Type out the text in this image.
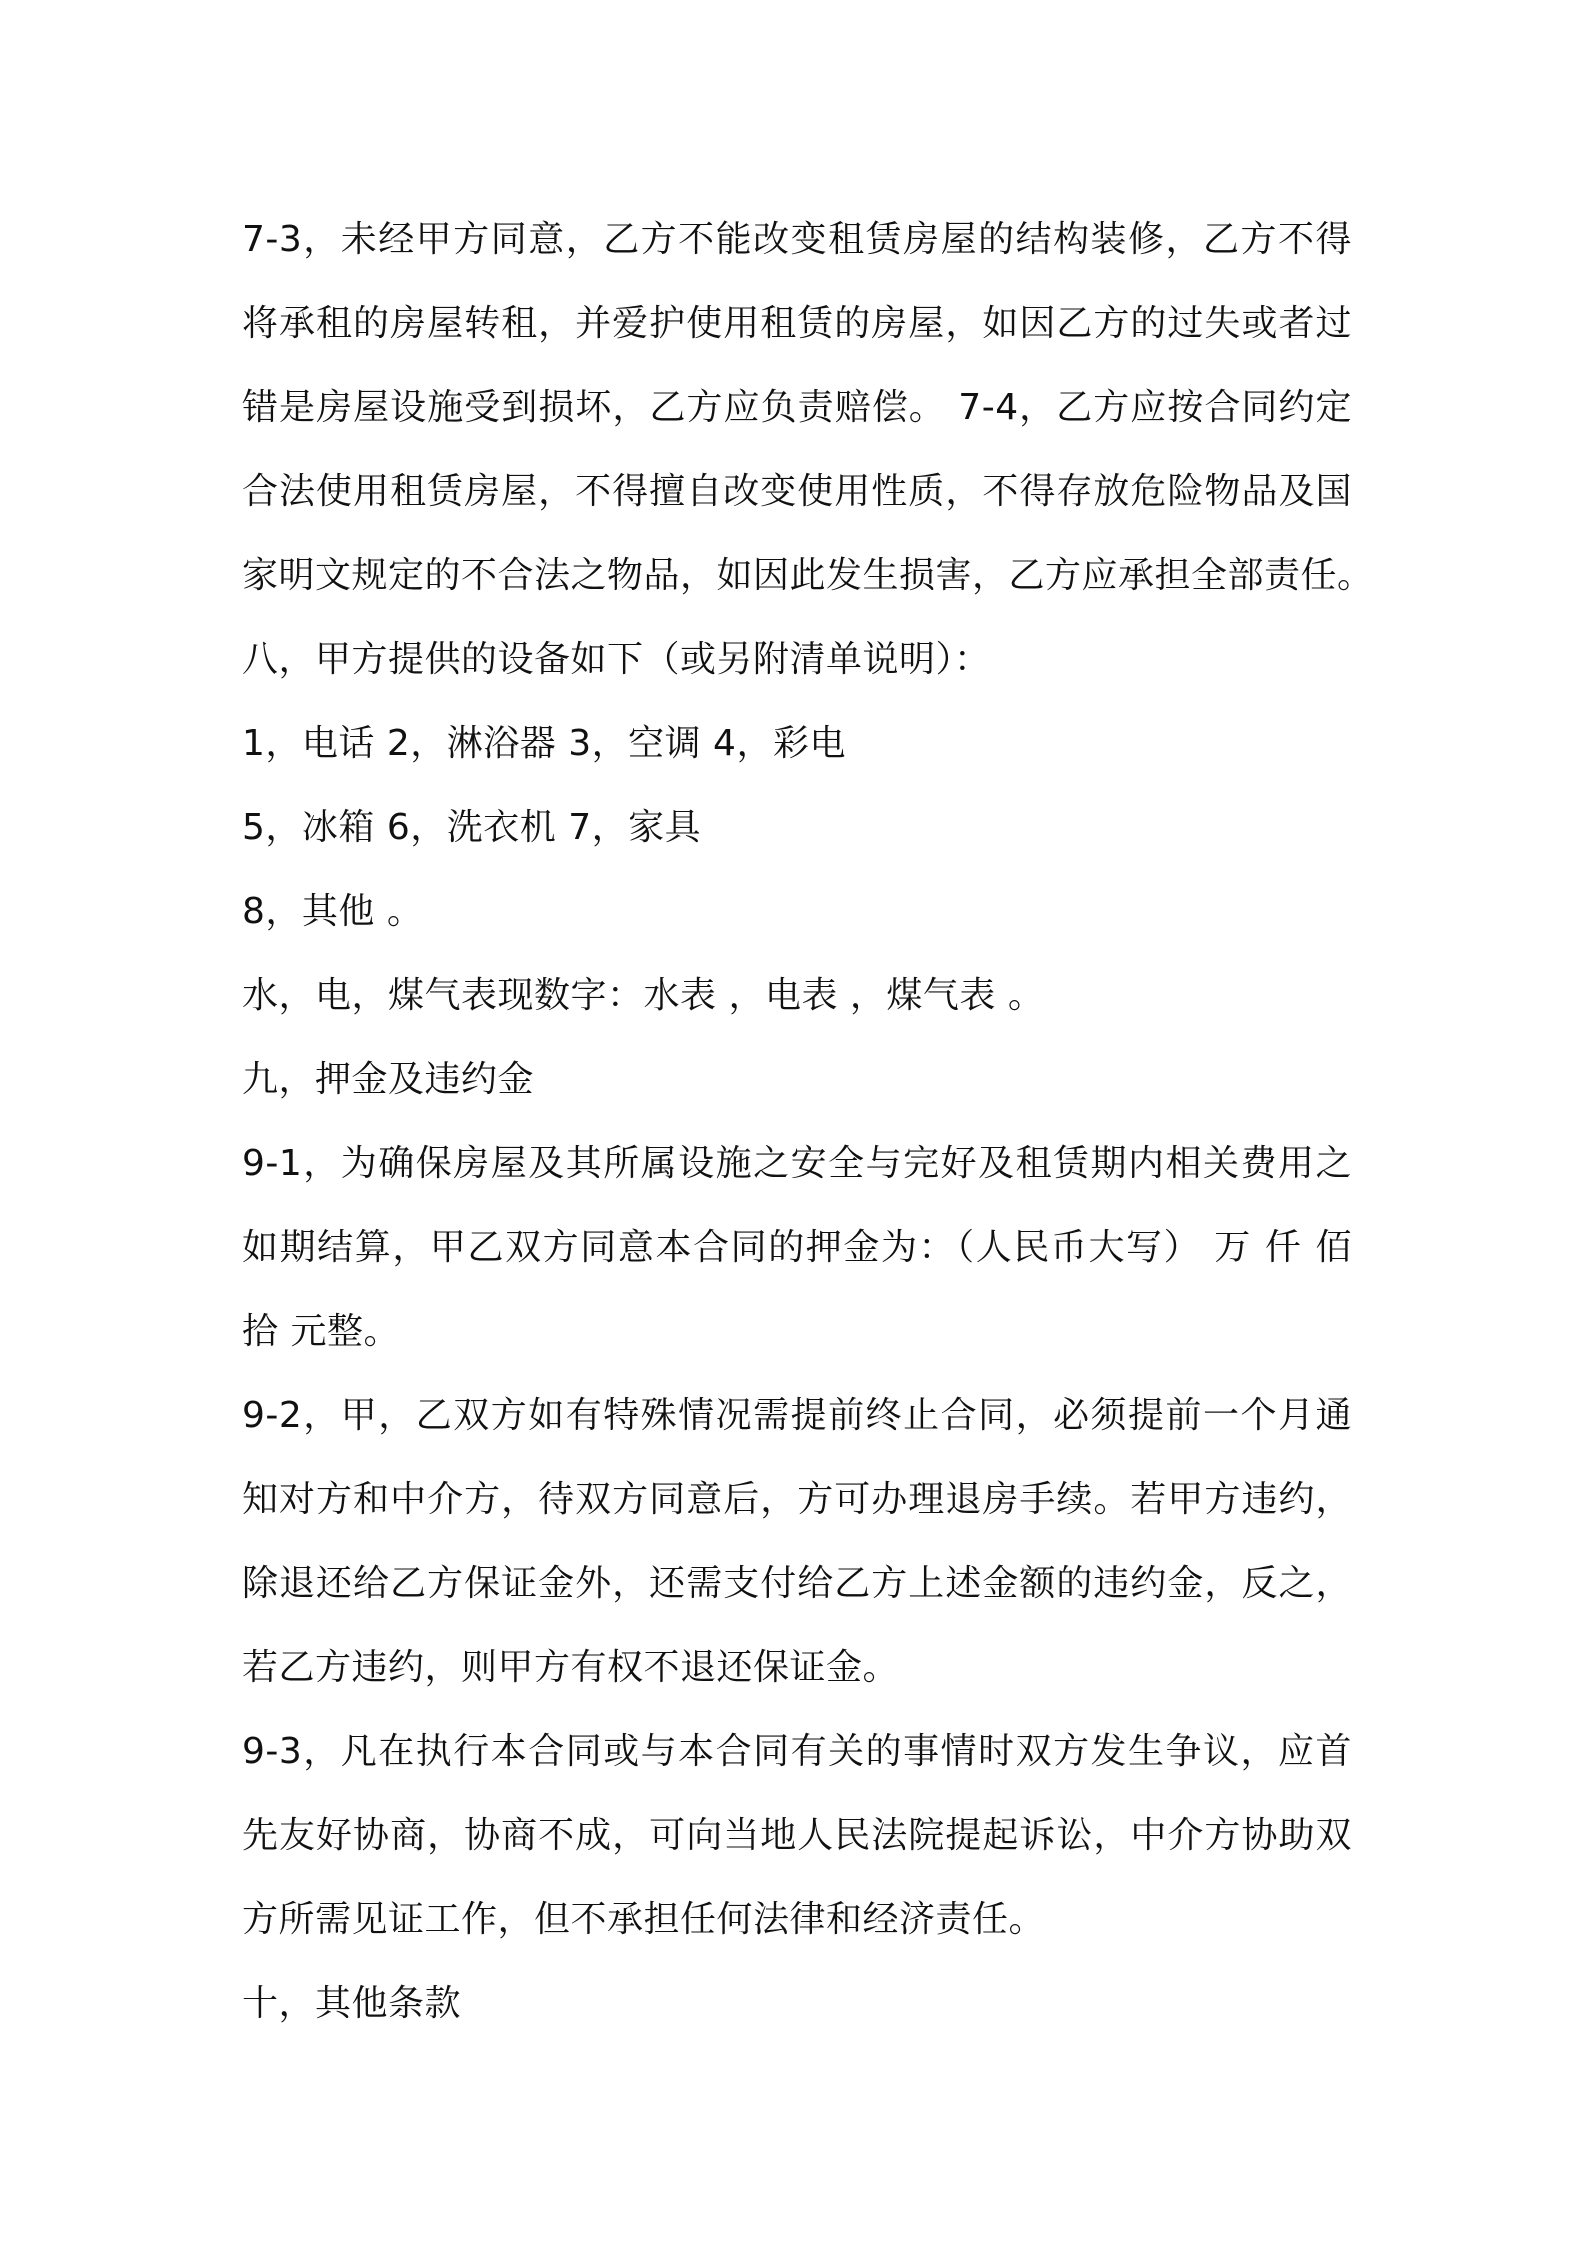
7-3，未经甲方同意，乙方不能改变租赁房屋的结构装修，乙方不得
将承租的房屋转租，并爱护使用租赁的房屋，如因乙方的过失或者过
错是房屋设施受到损坏，乙方应负责赔偿。 7-4，乙方应按合同约定
合法使用租赁房屋，不得擅自改变使用性质，不得存放危险物品及国
家明文规定的不合法之物品，如因此发生损害，乙方应承担全部责任。
八，甲方提供的设备如下（或另附清单说明）：
1，电话 2，淋浴器 3，空调 4，彩电
5，冰箱 6，洗衣机 7，家具
8，其他 。
水，电，煤气表现数字：水表 ，电表 ，煤气表 。
九，押金及违约金
9-1，为确保房屋及其所属设施之安全与完好及租赁期内相关费用之
如期结算，甲乙双方同意本合同的押金为：（人民币大写） 万 仟 佰
拾 元整。
9-2，甲，乙双方如有特殊情况需提前终止合同，必须提前一个月通
知对方和中介方，待双方同意后，方可办理退房手续。若甲方违约，
除退还给乙方保证金外，还需支付给乙方上述金额的违约金，反之，
若乙方违约，则甲方有权不退还保证金。
9-3，凡在执行本合同或与本合同有关的事情时双方发生争议，应首
先友好协商，协商不成，可向当地人民法院提起诉讼，中介方协助双
方所需见证工作，但不承担任何法律和经济责任。
十，其他条款
